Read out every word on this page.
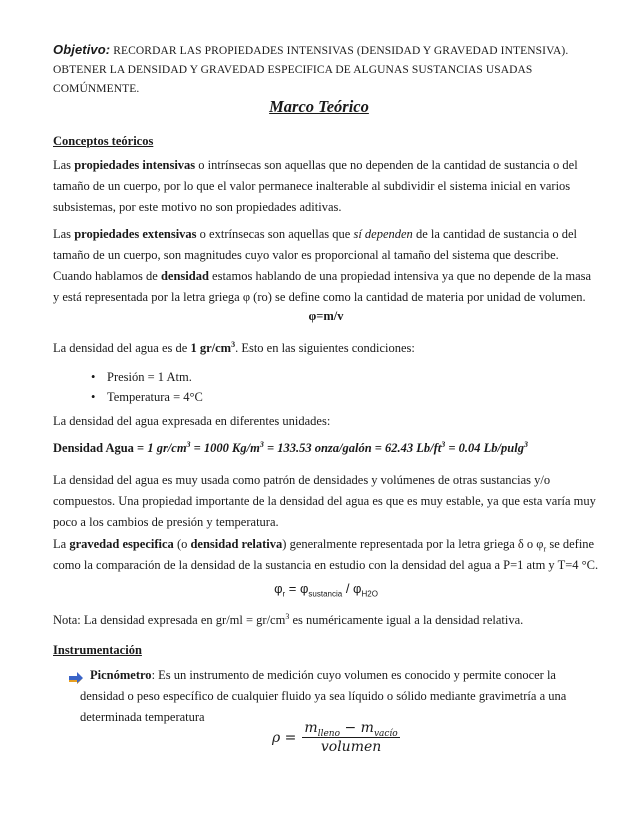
Objetivo: RECORDAR LAS PROPIEDADES INTENSIVAS (DENSIDAD Y GRAVEDAD INTENSIVA). OBTENER LA DENSIDAD Y GRAVEDAD ESPECIFICA DE ALGUNAS SUSTANCIAS USADAS COMÚNMENTE.

Marco Teórico
Conceptos teóricos

Las propiedades intensivas o intrínsecas son aquellas que no dependen de la cantidad de sustancia o del tamaño de un cuerpo, por lo que el valor permanece inalterable al subdividir el sistema inicial en varios subsistemas, por este motivo no son propiedades aditivas.

Las propiedades extensivas o extrínsecas son aquellas que sí dependen de la cantidad de sustancia o del tamaño de un cuerpo, son magnitudes cuyo valor es proporcional al tamaño del sistema que describe.

Cuando hablamos de densidad estamos hablando de una propiedad intensiva ya que no depende de la masa y está representada por la letra griega φ (ro) se define como la cantidad de materia por unidad de volumen.

φ=m/v

La densidad del agua es de 1 $gr/cm^3$. Esto en las siguientes condiciones:

• Presión = 1 Atm.
• Temperatura = 4°C

La densidad del agua expresada en diferentes unidades:

Densidad Agua = 1 $gr/cm^3 = 1000$ $Kg/m^3 = 133.53$ onza/galón = 62.43 $Lb/ft^3 = 0.04$ Lb/pulg$^3$

La densidad del agua es muy usada como patrón de densidades y volúmenes de otras sustancias y/o compuestos. Una propiedad importante de la densidad del agua es que es muy estable, ya que esta varía muy poco a los cambios de presión y temperatura.

La gravedad especifica (o densidad relativa) generalmente representada por la letra griega δ o $\varphi_r$ se define como la comparación de la densidad de la sustancia en estudio con la densidad del agua a P=1 atm y T=4 °C.

$\varphi_r = \varphi_{sustancia} / \varphi_{H2O}$

Nota: La densidad expresada en $gr/ml = gr/cm^3$ es numéricamente igual a la densidad relativa.

Instrumentación

Picnómetro: Es un instrumento de medición cuyo volumen es conocido y permite conocer la densidad o peso específico de cualquier fluido ya sea líquido o sólido mediante gravimetría a una determinada temperatura

$\rho = \frac{m_{lleno} - m_{vacío}}{\text{volumen}}$
